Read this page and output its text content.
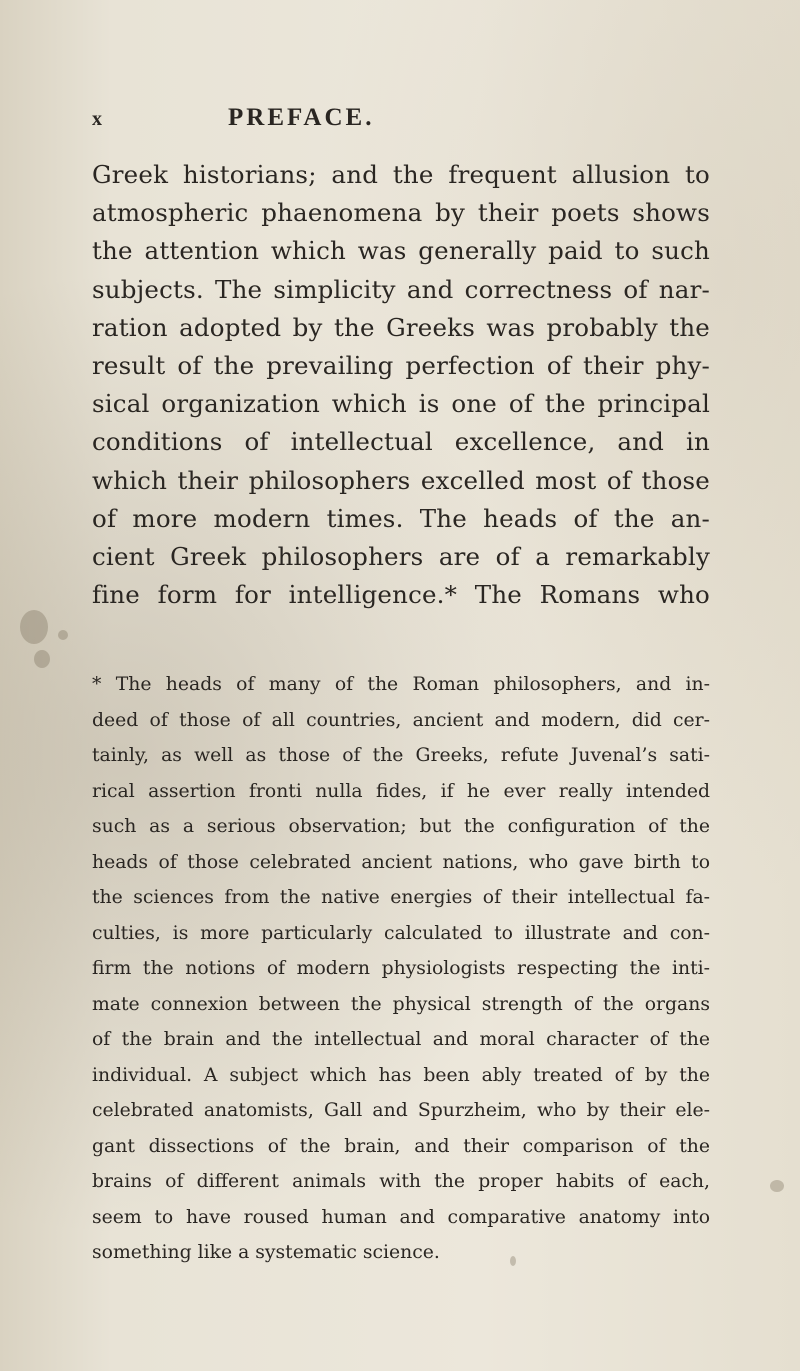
x	PREFACE.
Greek historians; and the frequent allusion to
atmospheric phaenomena by their poets shows
the attention which was generally paid to such
subjects. The simplicity and correctness of nar-
ration adopted by the Greeks was probably the
result of the prevailing perfection of their phy-
sical organization which is one of the principal
conditions of intellectual excellence, and in
which their philosophers excelled most of those
of more modern times. The heads of the an-
cient Greek philosophers are of a remarkably
fine form for intelligence.* The Romans who
* The heads of many of the Roman philosophers, and in-
deed of those of all countries, ancient and modern, did cer-
tainly, as well as those of the Greeks, refute Juvenal’s sati-
rical assertion fronti nulla fides, if he ever really intended
such as a serious observation; but the configuration of the
heads of those celebrated ancient nations, who gave birth to
the sciences from the native energies of their intellectual fa-
culties, is more particularly calculated to illustrate and con-
firm the notions of modern physiologists respecting the inti-
mate connexion between the physical strength of the organs
of the brain and the intellectual and moral character of the
individual. A subject which has been ably treated of by the
celebrated anatomists, Gall and Spurzheim, who by their ele-
gant dissections of the brain, and their comparison of the
brains of different animals with the proper habits of each,
seem to have roused human and comparative anatomy into
something like a systematic science.
